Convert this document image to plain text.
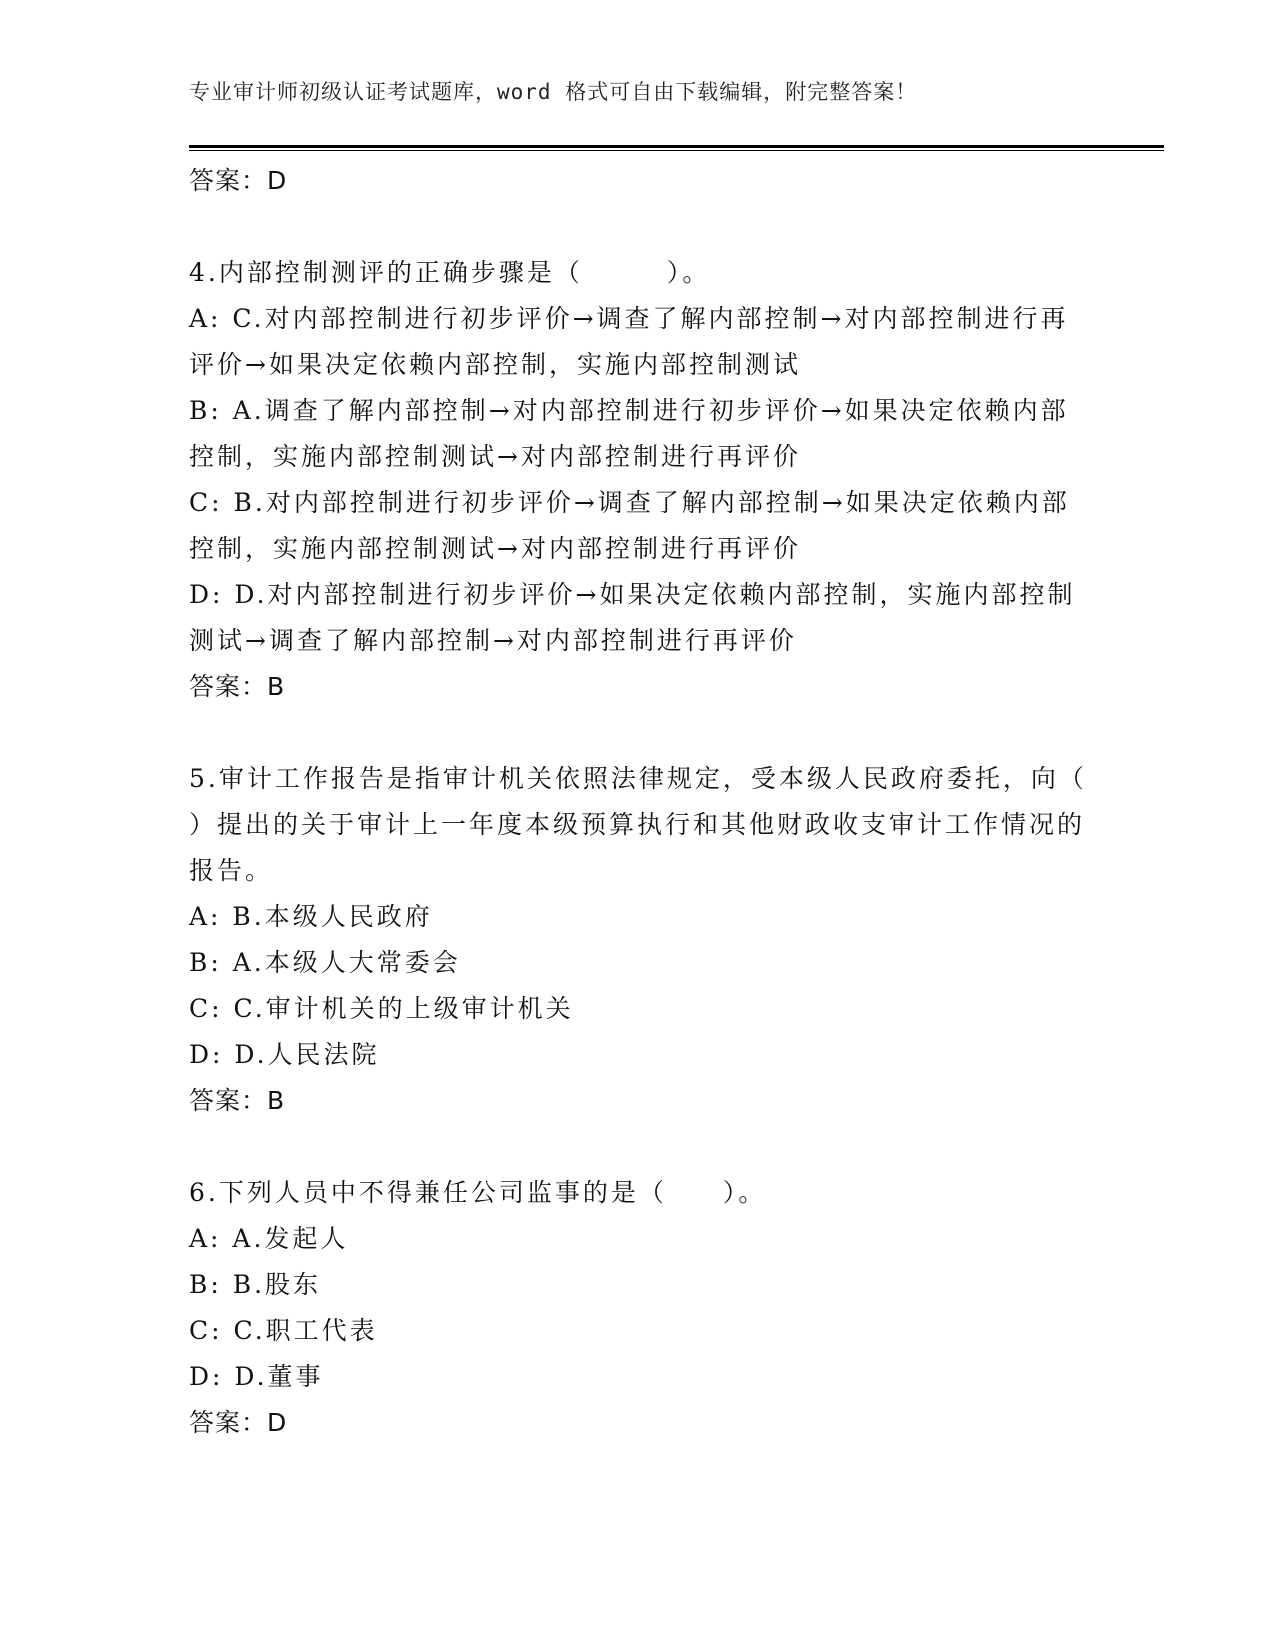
专业审计师初级认证考试题库，word 格式可自由下载编辑，附完整答案！
答案：D
4.内部控制测评的正确步骤是（　　　）。
A: C.对内部控制进行初步评价→调查了解内部控制→对内部控制进行再评价→如果决定依赖内部控制，实施内部控制测试
B: A.调查了解内部控制→对内部控制进行初步评价→如果决定依赖内部控制，实施内部控制测试→对内部控制进行再评价
C: B.对内部控制进行初步评价→调查了解内部控制→如果决定依赖内部控制，实施内部控制测试→对内部控制进行再评价
D: D.对内部控制进行初步评价→如果决定依赖内部控制，实施内部控制测试→调查了解内部控制→对内部控制进行再评价
答案：B
5.审计工作报告是指审计机关依照法律规定，受本级人民政府委托，向（　　）提出的关于审计上一年度本级预算执行和其他财政收支审计工作情况的报告。
A: B.本级人民政府
B: A.本级人大常委会
C: C.审计机关的上级审计机关
D: D.人民法院
答案：B
6.下列人员中不得兼任公司监事的是（　　）。
A: A.发起人
B: B.股东
C: C.职工代表
D: D.董事
答案：D
